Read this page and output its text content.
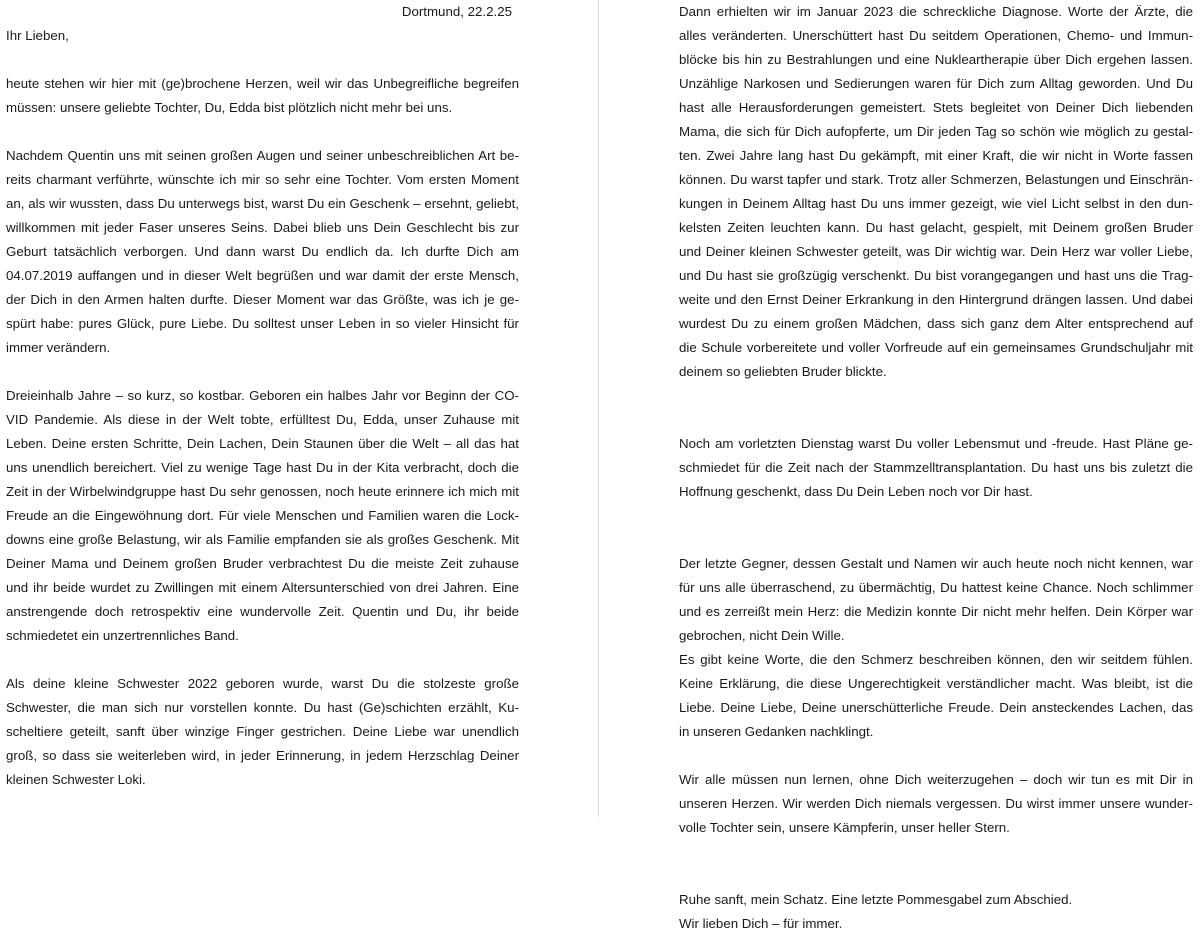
Dortmund, 22.2.25
Ihr Lieben,
heute stehen wir hier mit (ge)brochene Herzen, weil wir das Unbegreifliche begreifen
müssen: unsere geliebte Tochter, Du, Edda bist plötzlich nicht mehr bei uns.
Nachdem Quentin uns mit seinen großen Augen und seiner unbeschreiblichen Art be-
reits charmant verführte, wünschte ich mir so sehr eine Tochter. Vom ersten Moment
an, als wir wussten, dass Du unterwegs bist, warst Du ein Geschenk – ersehnt, geliebt,
willkommen mit jeder Faser unseres Seins. Dabei blieb uns Dein Geschlecht bis zur
Geburt tatsächlich verborgen. Und dann warst Du endlich da. Ich durfte Dich am
04.07.2019 auffangen und in dieser Welt begrüßen und war damit der erste Mensch,
der Dich in den Armen halten durfte. Dieser Moment war das Größte, was ich je ge-
spürt habe: pures Glück, pure Liebe. Du solltest unser Leben in so vieler Hinsicht für
immer verändern.
Dreieinhalb Jahre – so kurz, so kostbar. Geboren ein halbes Jahr vor Beginn der CO-
VID Pandemie. Als diese in der Welt tobte, erfülltest Du, Edda, unser Zuhause mit
Leben. Deine ersten Schritte, Dein Lachen, Dein Staunen über die Welt – all das hat
uns unendlich bereichert. Viel zu wenige Tage hast Du in der Kita verbracht, doch die
Zeit in der Wirbelwindgruppe hast Du sehr genossen, noch heute erinnere ich mich mit
Freude an die Eingewöhnung dort. Für viele Menschen und Familien waren die Lock-
downs eine große Belastung, wir als Familie empfanden sie als großes Geschenk. Mit
Deiner Mama und Deinem großen Bruder verbrachtest Du die meiste Zeit zuhause
und ihr beide wurdet zu Zwillingen mit einem Altersunterschied von drei Jahren. Eine
anstrengende doch retrospektiv eine wundervolle Zeit. Quentin und Du, ihr beide
schmiedetet ein unzertrennliches Band.
Als deine kleine Schwester 2022 geboren wurde, warst Du die stolzeste große
Schwester, die man sich nur vorstellen konnte. Du hast (Ge)schichten erzählt, Ku-
scheltiere geteilt, sanft über winzige Finger gestrichen. Deine Liebe war unendlich
groß, so dass sie weiterleben wird, in jeder Erinnerung, in jedem Herzschlag Deiner
kleinen Schwester Loki.
Dann erhielten wir im Januar 2023 die schreckliche Diagnose. Worte der Ärzte, die
alles veränderten. Unerschüttert hast Du seitdem Operationen, Chemo- und Immun-
blöcke bis hin zu Bestrahlungen und eine Nukleartherapie über Dich ergehen lassen.
Unzählige Narkosen und Sedierungen waren für Dich zum Alltag geworden. Und Du
hast alle Herausforderungen gemeistert. Stets begleitet von Deiner Dich liebenden
Mama, die sich für Dich aufopferte, um Dir jeden Tag so schön wie möglich zu gestal-
ten. Zwei Jahre lang hast Du gekämpft, mit einer Kraft, die wir nicht in Worte fassen
können. Du warst tapfer und stark. Trotz aller Schmerzen, Belastungen und Einschrän-
kungen in Deinem Alltag hast Du uns immer gezeigt, wie viel Licht selbst in den dun-
kelsten Zeiten leuchten kann. Du hast gelacht, gespielt, mit Deinem großen Bruder
und Deiner kleinen Schwester geteilt, was Dir wichtig war. Dein Herz war voller Liebe,
und Du hast sie großzügig verschenkt. Du bist vorangegangen und hast uns die Trag-
weite und den Ernst Deiner Erkrankung in den Hintergrund drängen lassen. Und dabei
wurdest Du zu einem großen Mädchen, dass sich ganz dem Alter entsprechend auf
die Schule vorbereitete und voller Vorfreude auf ein gemeinsames Grundschuljahr mit
deinem so geliebten Bruder blickte.
Noch am vorletzten Dienstag warst Du voller Lebensmut und -freude. Hast Pläne ge-
schmiedet für die Zeit nach der Stammzelltransplantation. Du hast uns bis zuletzt die
Hoffnung geschenkt, dass Du Dein Leben noch vor Dir hast.
Der letzte Gegner, dessen Gestalt und Namen wir auch heute noch nicht kennen, war
für uns alle überraschend, zu übermächtig, Du hattest keine Chance. Noch schlimmer
und es zerreißt mein Herz: die Medizin konnte Dir nicht mehr helfen. Dein Körper war
gebrochen, nicht Dein Wille.
Es gibt keine Worte, die den Schmerz beschreiben können, den wir seitdem fühlen.
Keine Erklärung, die diese Ungerechtigkeit verständlicher macht. Was bleibt, ist die
Liebe. Deine Liebe, Deine unerschütterliche Freude. Dein ansteckendes Lachen, das
in unseren Gedanken nachklingt.
Wir alle müssen nun lernen, ohne Dich weiterzugehen – doch wir tun es mit Dir in
unseren Herzen. Wir werden Dich niemals vergessen. Du wirst immer unsere wunder-
volle Tochter sein, unsere Kämpferin, unser heller Stern.
Ruhe sanft, mein Schatz. Eine letzte Pommesgabel zum Abschied.
Wir lieben Dich – für immer.
